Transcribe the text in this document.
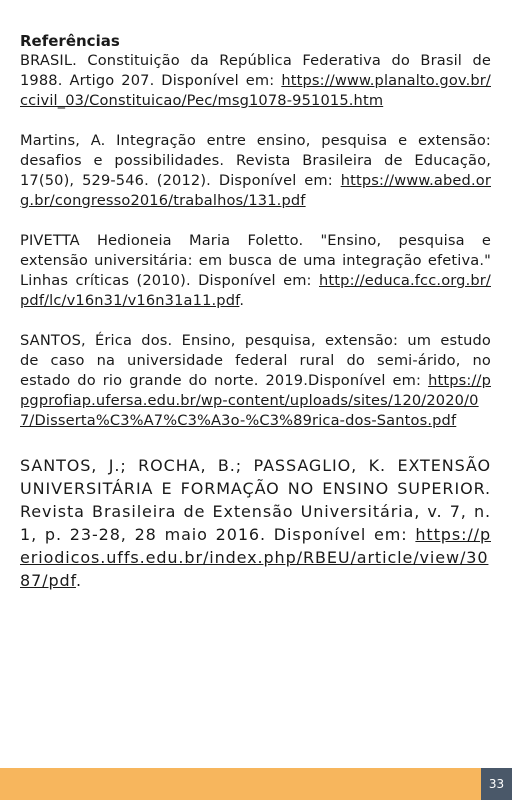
Referências

BRASIL. Constituição da República Federativa do Brasil de 1988. Artigo 207. Disponível em: https://www.planalto.gov.br/ccivil_03/Constituicao/Pec/msg1078-951015.htm

Martins, A. Integração entre ensino, pesquisa e extensão: desafios e possibilidades. Revista Brasileira de Educação, 17(50), 529-546. (2012). Disponível em: https://www.abed.org.br/congresso2016/trabalhos/131.pdf

PIVETTA Hedioneia Maria Foletto. "Ensino, pesquisa e extensão universitária: em busca de uma integração efetiva." Linhas críticas (2010). Disponível em: http://educa.fcc.org.br/pdf/lc/v16n31/v16n31a11.pdf.

SANTOS, Érica dos. Ensino, pesquisa, extensão: um estudo de caso na universidade federal rural do semi-árido, no estado do rio grande do norte. 2019.Disponível em: https://ppgprofiap.ufersa.edu.br/wp-content/uploads/sites/120/2020/07/Disserta%C3%A7%C3%A3o-%C3%89rica-dos-Santos.pdf

SANTOS, J.; ROCHA, B.; PASSAGLIO, K. EXTENSÃO UNIVERSITÁRIA E FORMAÇÃO NO ENSINO SUPERIOR. Revista Brasileira de Extensão Universitária, v. 7, n. 1, p. 23-28, 28 maio 2016. Disponível em: https://periodicos.uffs.edu.br/index.php/RBEU/article/view/3087/pdf.

33
